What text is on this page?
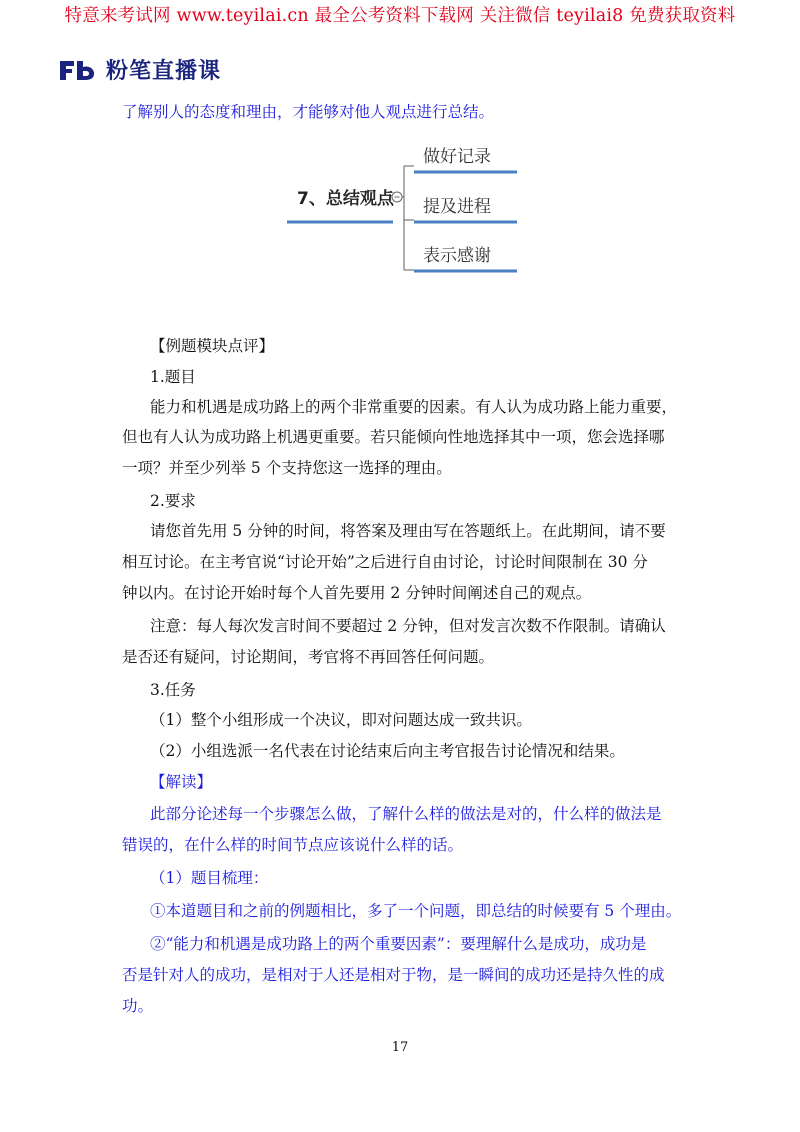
特意来考试网 www.teyilai.cn 最全公考资料下载网 关注微信 teyilai8 免费获取资料
粉笔直播课
了解别人的态度和理由，才能够对他人观点进行总结。
7、总结观点
做好记录
提及进程
表示感谢
【例题模块点评】
1.题目
能力和机遇是成功路上的两个非常重要的因素。有人认为成功路上能力重要，
但也有人认为成功路上机遇更重要。若只能倾向性地选择其中一项，您会选择哪
一项？并至少列举 5 个支持您这一选择的理由。
2.要求
请您首先用 5 分钟的时间，将答案及理由写在答题纸上。在此期间，请不要
相互讨论。在主考官说“讨论开始”之后进行自由讨论，讨论时间限制在 30 分
钟以内。在讨论开始时每个人首先要用 2 分钟时间阐述自己的观点。
注意：每人每次发言时间不要超过 2 分钟，但对发言次数不作限制。请确认
是否还有疑问，讨论期间，考官将不再回答任何问题。
3.任务
（1）整个小组形成一个决议，即对问题达成一致共识。
（2）小组选派一名代表在讨论结束后向主考官报告讨论情况和结果。
【解读】
此部分论述每一个步骤怎么做，了解什么样的做法是对的，什么样的做法是
错误的，在什么样的时间节点应该说什么样的话。
（1）题目梳理：
①本道题目和之前的例题相比，多了一个问题，即总结的时候要有 5 个理由。
②“能力和机遇是成功路上的两个重要因素”：要理解什么是成功，成功是
否是针对人的成功，是相对于人还是相对于物，是一瞬间的成功还是持久性的成
功。
17
